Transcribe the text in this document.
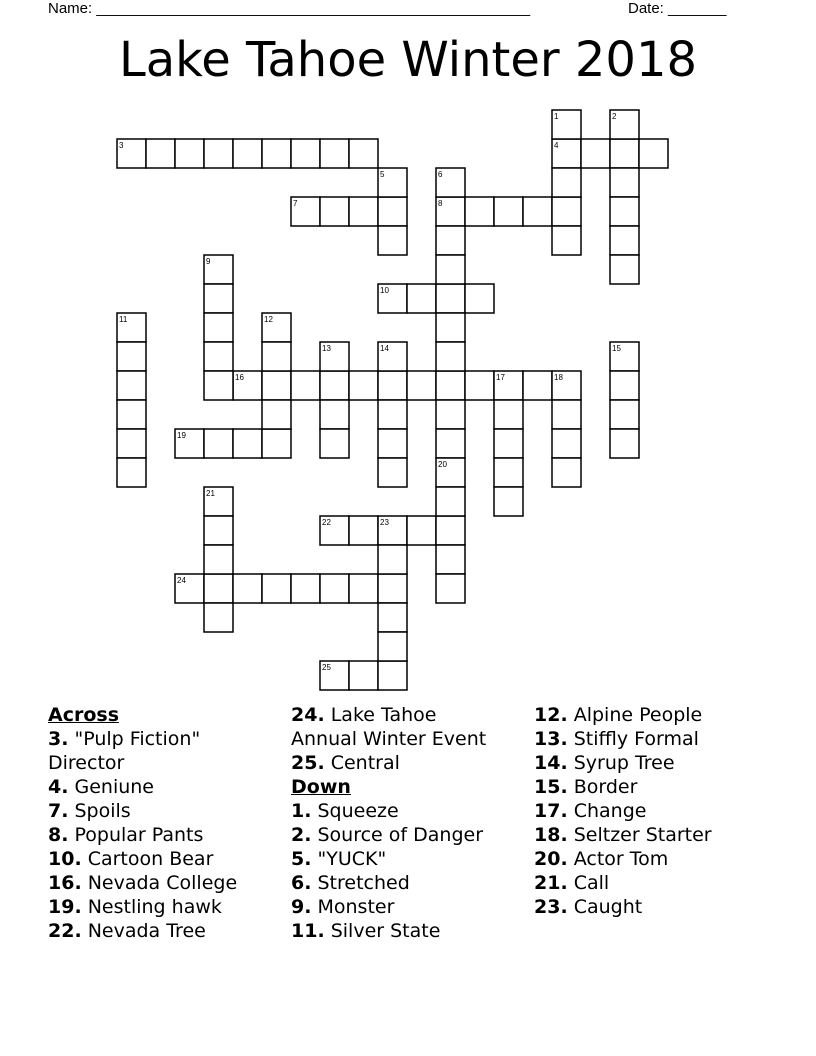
Name: ____________________________________________________	Date: _______
Lake Tahoe Winter 2018
3	4
7	8
10
16	17	18
19
22	23
24
25
1	2
5	6
9
11	12
13	14	15
20
21
Across
3. "Pulp Fiction"
Director
4. Geniune
7. Spoils
8. Popular Pants
10. Cartoon Bear
16. Nevada College
19. Nestling hawk
22. Nevada Tree
24. Lake Tahoe
Annual Winter Event
25. Central
Down
1. Squeeze
2. Source of Danger
5. "YUCK"
6. Stretched
9. Monster
11. Silver State
12. Alpine People
13. Stiffly Formal
14. Syrup Tree
15. Border
17. Change
18. Seltzer Starter
20. Actor Tom
21. Call
23. Caught
